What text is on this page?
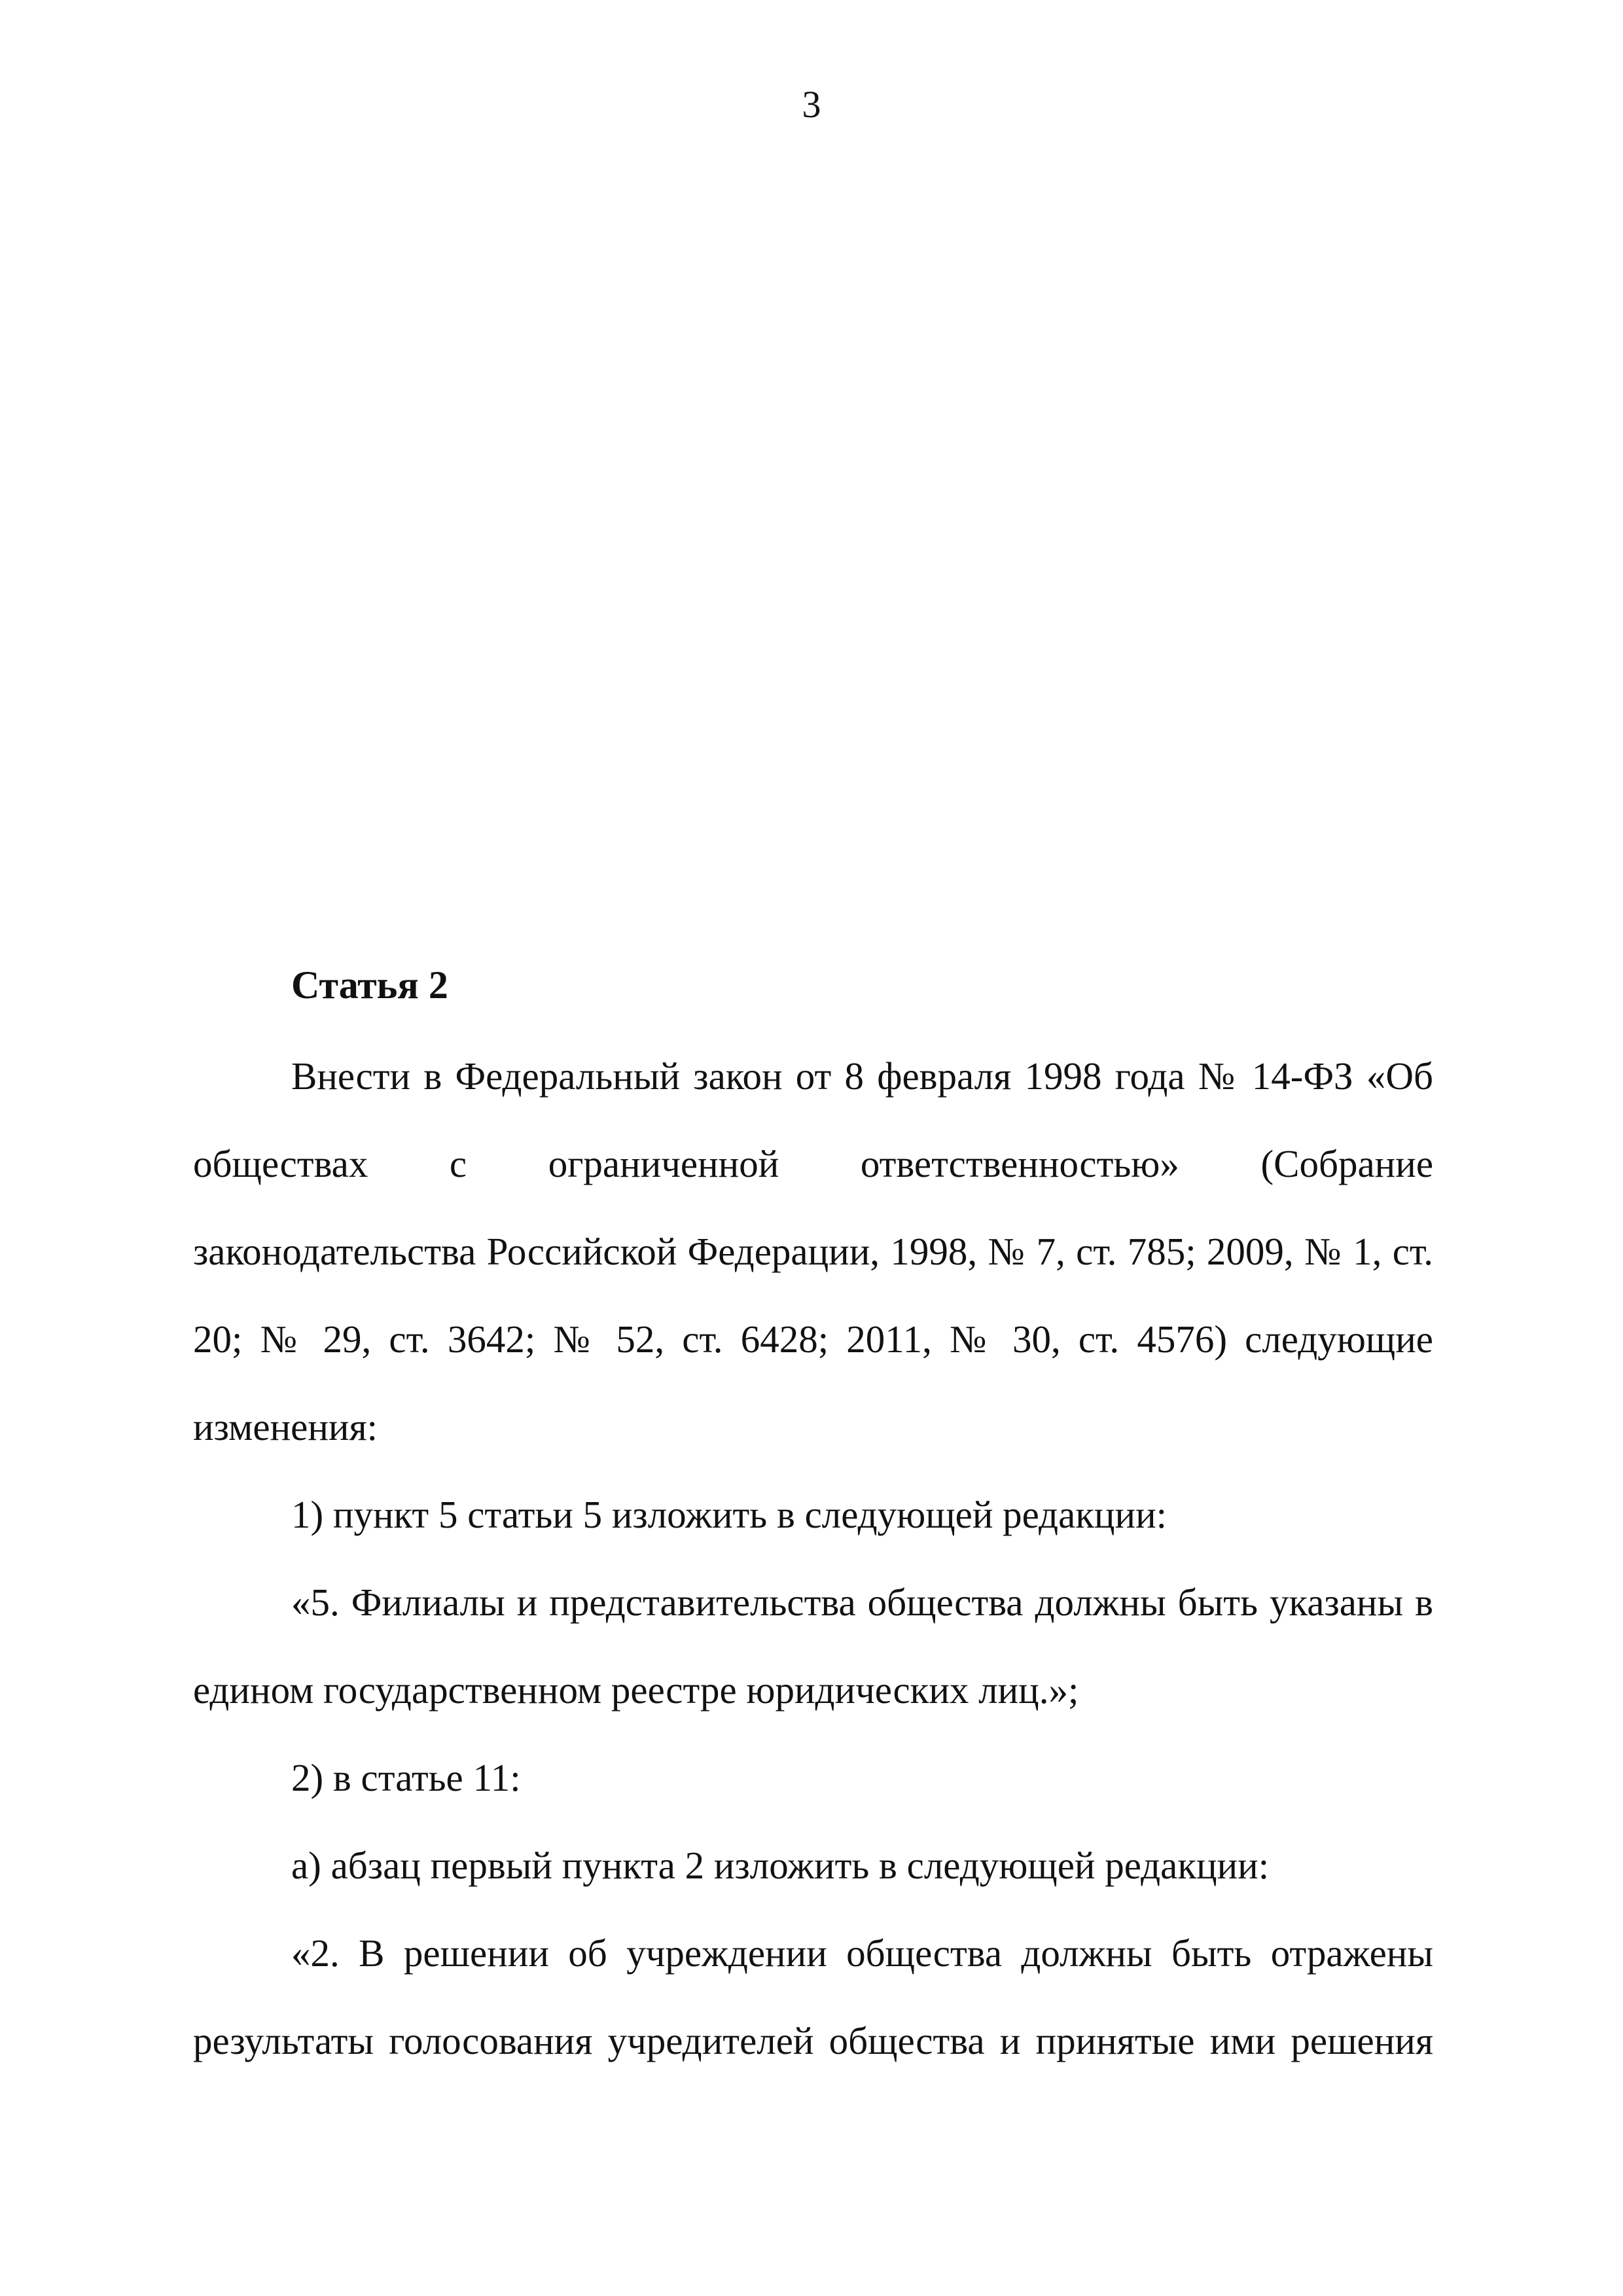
3
Статья 2

Внести в Федеральный закон от 8 февраля 1998 года № 14-ФЗ «Об обществах с ограниченной ответственностью» (Собрание законодательства Российской Федерации, 1998, № 7, ст. 785; 2009, № 1, ст. 20; № 29, ст. 3642; № 52, ст. 6428; 2011, № 30, ст. 4576) следующие изменения:

1) пункт 5 статьи 5 изложить в следующей редакции:

«5. Филиалы и представительства общества должны быть указаны в едином государственном реестре юридических лиц.»;

2) в статье 11:

а) абзац первый пункта 2 изложить в следующей редакции:

«2. В решении об учреждении общества должны быть отражены результаты голосования учредителей общества и принятые ими решения
